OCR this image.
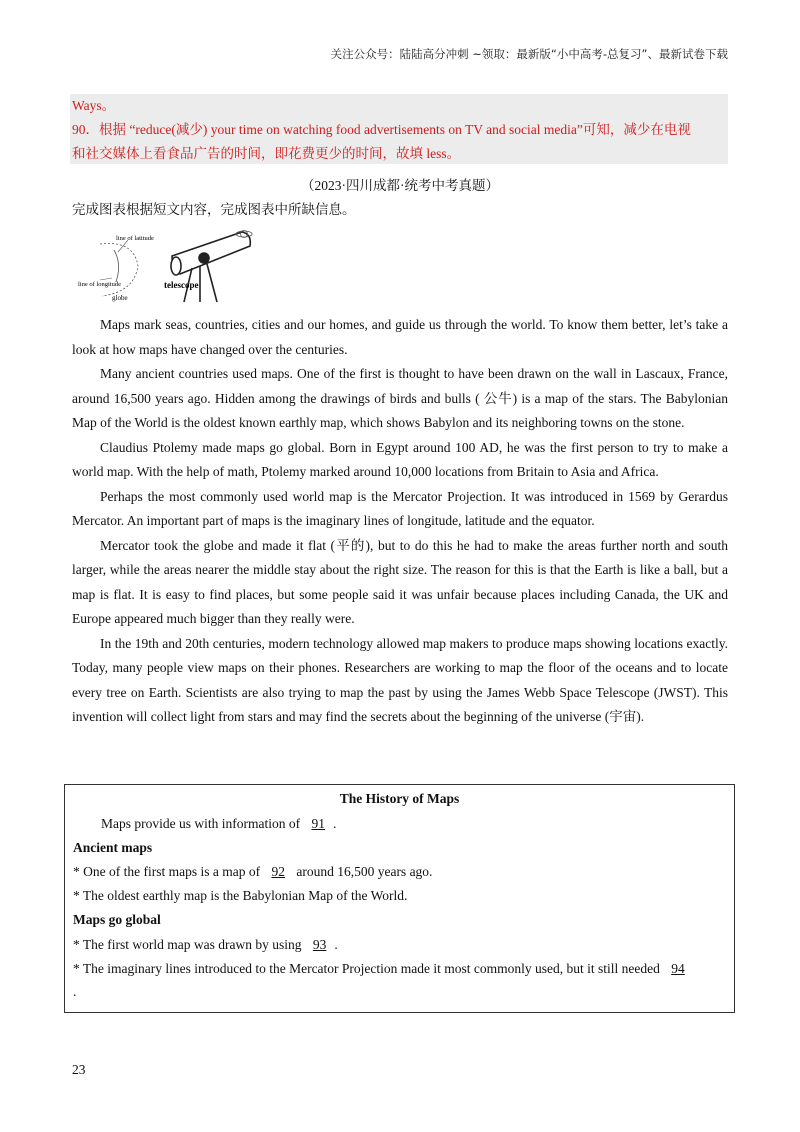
关注公众号：陆陆高分冲刺 ~领取：最新版“小中高考-总复习”、最新试卷下载
Ways。
90．根据 “reduce(减少) your time on watching food advertisements on TV and social media”可知，减少在电视
和社交媒体上看食品广告的时间，即花费更少的时间，故填 less。
（2023·四川成都·统考中考真题）
完成图表根据短文内容，完成图表中所缺信息。
line of latitude
line of longitude
globe
telescope

Maps mark seas, countries, cities and our homes, and guide us through the world. To know them better, let’s take a look at how maps have changed over the centuries.

Many ancient countries used maps. One of the first is thought to have been drawn on the wall in Lascaux, France, around 16,500 years ago. Hidden among the drawings of birds and bulls ( 公牛) is a map of the stars. The Babylonian Map of the World is the oldest known earthly map, which shows Babylon and its neighboring towns on the stone.

Claudius Ptolemy made maps go global. Born in Egypt around 100 AD, he was the first person to try to make a world map. With the help of math, Ptolemy marked around 10,000 locations from Britain to Asia and Africa.

Perhaps the most commonly used world map is the Mercator Projection. It was introduced in 1569 by Gerardus Mercator. An important part of maps is the imaginary lines of longitude, latitude and the equator.

Mercator took the globe and made it flat (平的), but to do this he had to make the areas further north and south larger, while the areas nearer the middle stay about the right size. The reason for this is that the Earth is like a ball, but a map is flat. It is easy to find places, but some people said it was unfair because places including Canada, the UK and Europe appeared much bigger than they really were.

In the 19th and 20th centuries, modern technology allowed map makers to produce maps showing locations exactly. Today, many people view maps on their phones. Researchers are working to map the floor of the oceans and to locate every tree on Earth. Scientists are also trying to map the past by using the James Webb Space Telescope (JWST). This invention will collect light from stars and may find the secrets about the beginning of the universe (宇宙).

The History of Maps
Maps provide us with information of 91 .
Ancient maps
* One of the first maps is a map of 92 around 16,500 years ago.
* The oldest earthly map is the Babylonian Map of the World.
Maps go global
* The first world map was drawn by using 93 .
* The imaginary lines introduced to the Mercator Projection made it most commonly used, but it still needed 94
.
23
